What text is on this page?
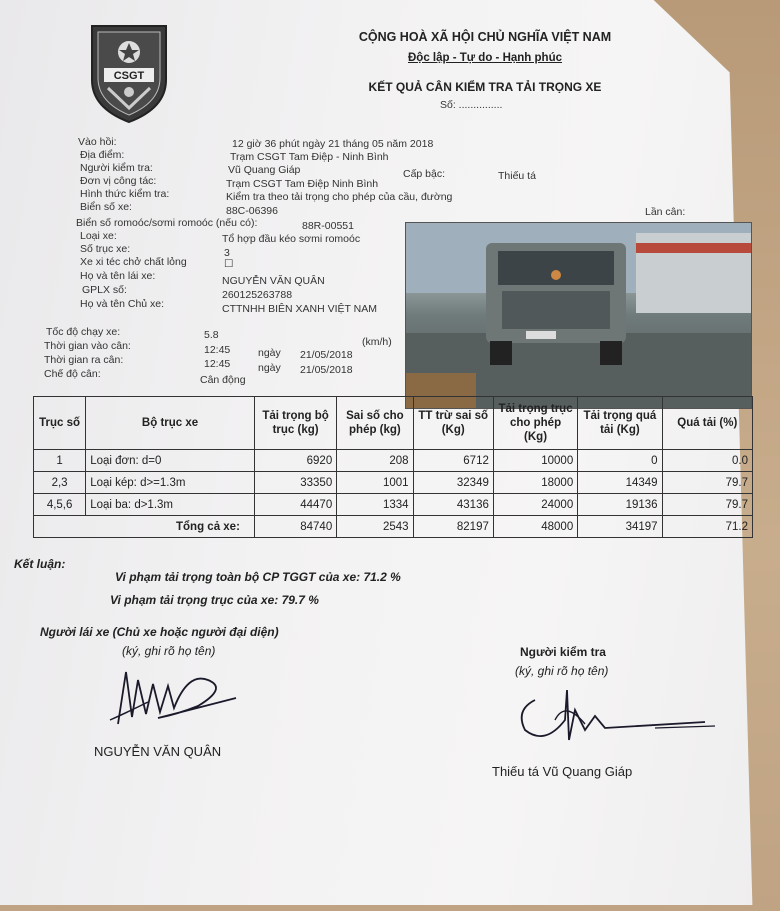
CSGT
CỘNG HOÀ XÃ HỘI CHỦ NGHĨA VIỆT NAM
Độc lập - Tự do - Hạnh phúc
KẾT QUẢ CÂN KIỂM TRA TẢI TRỌNG XE
Số: ...............
Vào hồi:	12 giờ 36 phút ngày 21 tháng 05 năm 2018
Địa điểm:	Trạm CSGT Tam Điệp - Ninh Bình
Người kiểm tra:	Vũ Quang Giáp	Cấp bậc:	Thiếu tá
Đơn vị công tác:	Trạm CSGT Tam Điệp Ninh Bình
Hình thức kiểm tra:	Kiểm tra theo tải trọng cho phép của cầu, đường
Biển số xe:	88C-06396	Lần cân:
Biển số romoóc/sơmi romoóc (nếu có):	88R-00551
Loại xe:	Tổ hợp đầu kéo sơmi romoóc
Số trục xe:	3
Xe xi téc chở chất lỏng	☐
Họ và tên lái xe:	NGUYỄN VĂN QUÂN
GPLX số:	260125263788
Họ và tên Chủ xe:	CTTNHH BIÊN XANH VIỆT NAM
Tốc độ chạy xe:	5.8
(km/h)
Thời gian vào cân:	12:45	ngày 21/05/2018
Thời gian ra cân:	12:45	ngày 21/05/2018
Chế độ cân:	Cân động
Trục số	Bộ trục xe	Tải trọng bộ trục (kg)	Sai số cho phép (kg)	TT trừ sai số (Kg)	Tải trọng trục cho phép (Kg)	Tải trọng quá tải (Kg)	Quá tải (%)
1	Loại đơn: d=0	6920	208	6712	10000	0	0.0
2,3	Loại kép: d>=1.3m	33350	1001	32349	18000	14349	79.7
4,5,6	Loại ba: d>1.3m	44470	1334	43136	24000	19136	79.7
Tổng cả xe:		84740	2543	82197	48000	34197	71.2
Kết luận:
Vi phạm tải trọng toàn bộ CP TGGT của xe: 71.2 %
Vi phạm tải trọng trục của xe: 79.7 %
Người lái xe (Chủ xe hoặc người đại diện)
(ký, ghi rõ họ tên)
NGUYỄN VĂN QUÂN
Người kiểm tra
(ký, ghi rõ họ tên)
Thiếu tá Vũ Quang Giáp
